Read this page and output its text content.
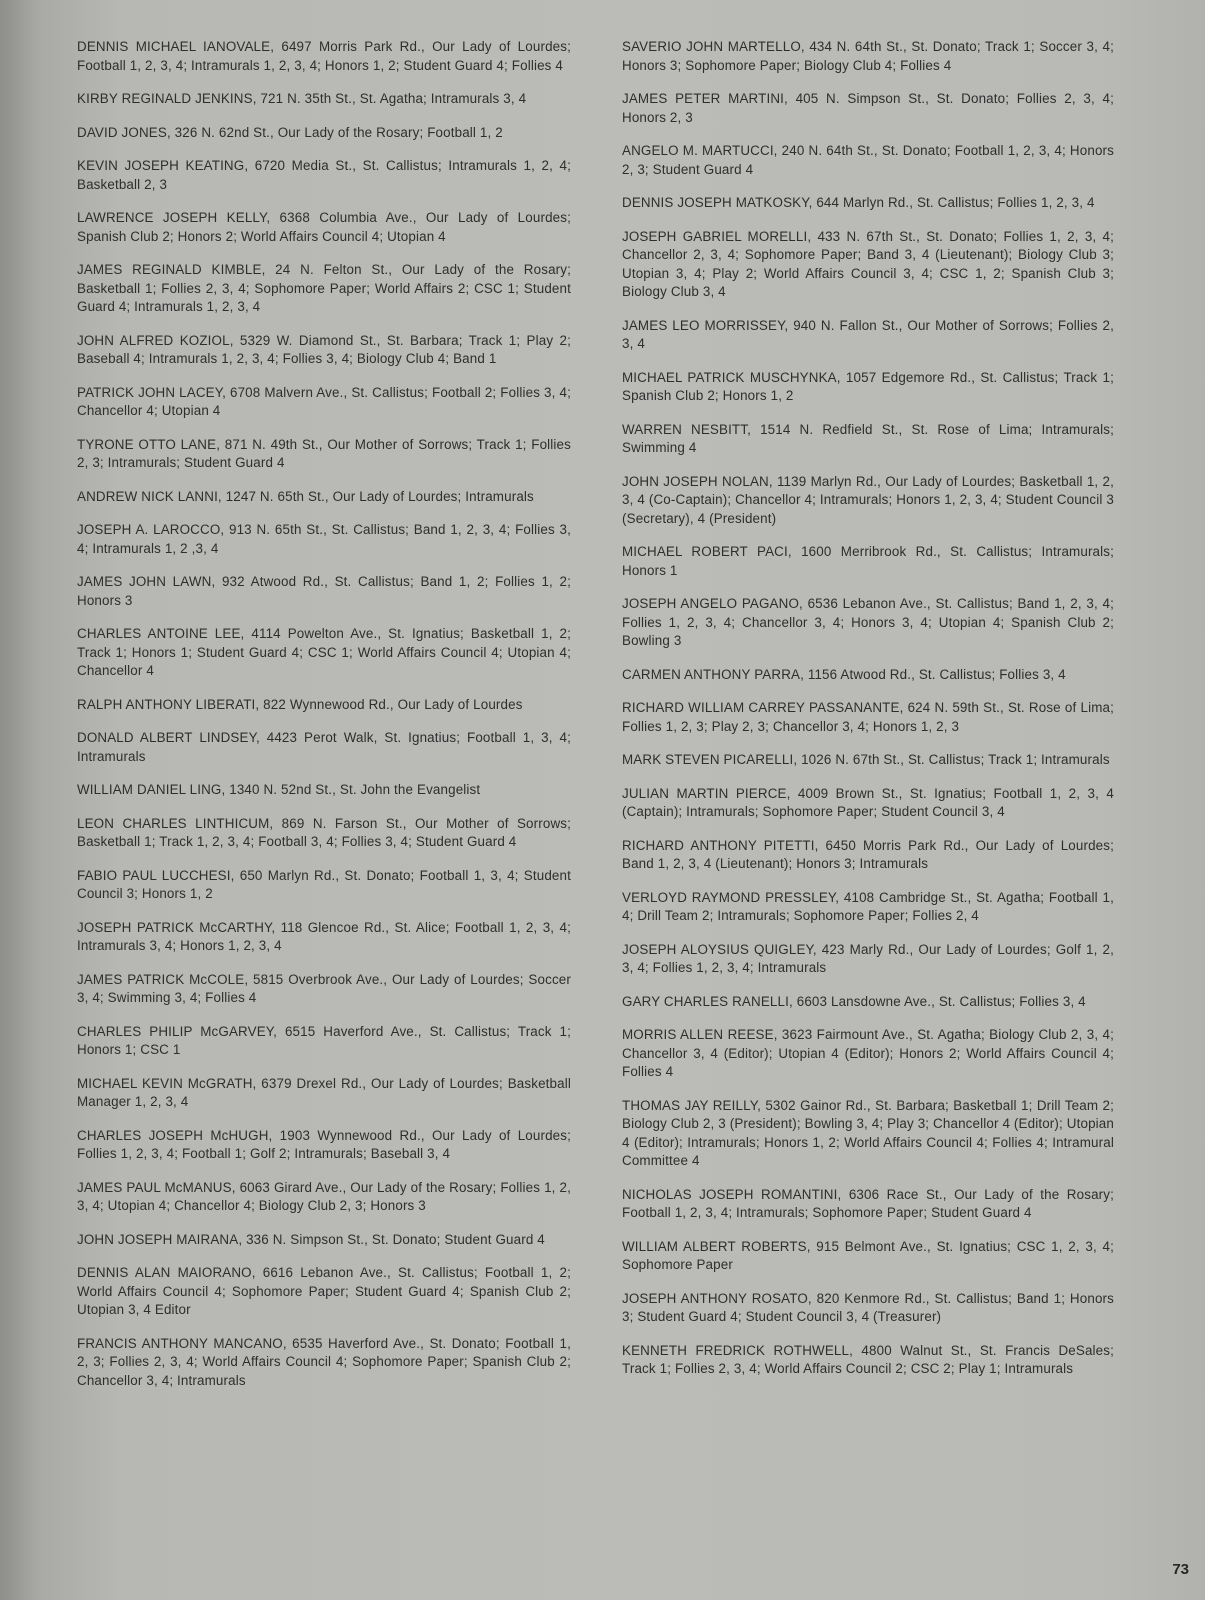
DENNIS MICHAEL IANOVALE, 6497 Morris Park Rd., Our Lady of Lourdes; Football 1, 2, 3, 4; Intramurals 1, 2, 3, 4; Honors 1, 2; Student Guard 4; Follies 4

KIRBY REGINALD JENKINS, 721 N. 35th St., St. Agatha; Intramurals 3, 4

DAVID JONES, 326 N. 62nd St., Our Lady of the Rosary; Football 1, 2

KEVIN JOSEPH KEATING, 6720 Media St., St. Callistus; Intramurals 1, 2, 4; Basketball 2, 3

LAWRENCE JOSEPH KELLY, 6368 Columbia Ave., Our Lady of Lourdes; Spanish Club 2; Honors 2; World Affairs Council 4; Utopian 4

JAMES REGINALD KIMBLE, 24 N. Felton St., Our Lady of the Rosary; Basketball 1; Follies 2, 3, 4; Sophomore Paper; World Affairs 2; CSC 1; Student Guard 4; Intramurals 1, 2, 3, 4

JOHN ALFRED KOZIOL, 5329 W. Diamond St., St. Barbara; Track 1; Play 2; Baseball 4; Intramurals 1, 2, 3, 4; Follies 3, 4; Biology Club 4; Band 1

PATRICK JOHN LACEY, 6708 Malvern Ave., St. Callistus; Football 2; Follies 3, 4; Chancellor 4; Utopian 4

TYRONE OTTO LANE, 871 N. 49th St., Our Mother of Sorrows; Track 1; Follies 2, 3; Intramurals; Student Guard 4

ANDREW NICK LANNI, 1247 N. 65th St., Our Lady of Lourdes; Intramurals

JOSEPH A. LAROCCO, 913 N. 65th St., St. Callistus; Band 1, 2, 3, 4; Follies 3, 4; Intramurals 1, 2 ,3, 4

JAMES JOHN LAWN, 932 Atwood Rd., St. Callistus; Band 1, 2; Follies 1, 2; Honors 3

CHARLES ANTOINE LEE, 4114 Powelton Ave., St. Ignatius; Basketball 1, 2; Track 1; Honors 1; Student Guard 4; CSC 1; World Affairs Council 4; Utopian 4; Chancellor 4

RALPH ANTHONY LIBERATI, 822 Wynnewood Rd., Our Lady of Lourdes

DONALD ALBERT LINDSEY, 4423 Perot Walk, St. Ignatius; Football 1, 3, 4; Intramurals

WILLIAM DANIEL LING, 1340 N. 52nd St., St. John the Evangelist

LEON CHARLES LINTHICUM, 869 N. Farson St., Our Mother of Sorrows; Basketball 1; Track 1, 2, 3, 4; Football 3, 4; Follies 3, 4; Student Guard 4

FABIO PAUL LUCCHESI, 650 Marlyn Rd., St. Donato; Football 1, 3, 4; Student Council 3; Honors 1, 2

JOSEPH PATRICK McCARTHY, 118 Glencoe Rd., St. Alice; Football 1, 2, 3, 4; Intramurals 3, 4; Honors 1, 2, 3, 4

JAMES PATRICK McCOLE, 5815 Overbrook Ave., Our Lady of Lourdes; Soccer 3, 4; Swimming 3, 4; Follies 4

CHARLES PHILIP McGARVEY, 6515 Haverford Ave., St. Callistus; Track 1; Honors 1; CSC 1

MICHAEL KEVIN McGRATH, 6379 Drexel Rd., Our Lady of Lourdes; Basketball Manager 1, 2, 3, 4

CHARLES JOSEPH McHUGH, 1903 Wynnewood Rd., Our Lady of Lourdes; Follies 1, 2, 3, 4; Football 1; Golf 2; Intramurals; Baseball 3, 4

JAMES PAUL McMANUS, 6063 Girard Ave., Our Lady of the Rosary; Follies 1, 2, 3, 4; Utopian 4; Chancellor 4; Biology Club 2, 3; Honors 3

JOHN JOSEPH MAIRANA, 336 N. Simpson St., St. Donato; Student Guard 4

DENNIS ALAN MAIORANO, 6616 Lebanon Ave., St. Callistus; Football 1, 2; World Affairs Council 4; Sophomore Paper; Student Guard 4; Spanish Club 2; Utopian 3, 4 Editor

FRANCIS ANTHONY MANCANO, 6535 Haverford Ave., St. Donato; Football 1, 2, 3; Follies 2, 3, 4; World Affairs Council 4; Sophomore Paper; Spanish Club 2; Chancellor 3, 4; Intramurals

SAVERIO JOHN MARTELLO, 434 N. 64th St., St. Donato; Track 1; Soccer 3, 4; Honors 3; Sophomore Paper; Biology Club 4; Follies 4

JAMES PETER MARTINI, 405 N. Simpson St., St. Donato; Follies 2, 3, 4; Honors 2, 3

ANGELO M. MARTUCCI, 240 N. 64th St., St. Donato; Football 1, 2, 3, 4; Honors 2, 3; Student Guard 4

DENNIS JOSEPH MATKOSKY, 644 Marlyn Rd., St. Callistus; Follies 1, 2, 3, 4

JOSEPH GABRIEL MORELLI, 433 N. 67th St., St. Donato; Follies 1, 2, 3, 4; Chancellor 2, 3, 4; Sophomore Paper; Band 3, 4 (Lieutenant); Biology Club 3; Utopian 3, 4; Play 2; World Affairs Council 3, 4; CSC 1, 2; Spanish Club 3; Biology Club 3, 4

JAMES LEO MORRISSEY, 940 N. Fallon St., Our Mother of Sorrows; Follies 2, 3, 4

MICHAEL PATRICK MUSCHYNKA, 1057 Edgemore Rd., St. Callistus; Track 1; Spanish Club 2; Honors 1, 2

WARREN NESBITT, 1514 N. Redfield St., St. Rose of Lima; Intramurals; Swimming 4

JOHN JOSEPH NOLAN, 1139 Marlyn Rd., Our Lady of Lourdes; Basketball 1, 2, 3, 4 (Co-Captain); Chancellor 4; Intramurals; Honors 1, 2, 3, 4; Student Council 3 (Secretary), 4 (President)

MICHAEL ROBERT PACI, 1600 Merribrook Rd., St. Callistus; Intramurals; Honors 1

JOSEPH ANGELO PAGANO, 6536 Lebanon Ave., St. Callistus; Band 1, 2, 3, 4; Follies 1, 2, 3, 4; Chancellor 3, 4; Honors 3, 4; Utopian 4; Spanish Club 2; Bowling 3

CARMEN ANTHONY PARRA, 1156 Atwood Rd., St. Callistus; Follies 3, 4

RICHARD WILLIAM CARREY PASSANANTE, 624 N. 59th St., St. Rose of Lima; Follies 1, 2, 3; Play 2, 3; Chancellor 3, 4; Honors 1, 2, 3

MARK STEVEN PICARELLI, 1026 N. 67th St., St. Callistus; Track 1; Intramurals

JULIAN MARTIN PIERCE, 4009 Brown St., St. Ignatius; Football 1, 2, 3, 4 (Captain); Intramurals; Sophomore Paper; Student Council 3, 4

RICHARD ANTHONY PITETTI, 6450 Morris Park Rd., Our Lady of Lourdes; Band 1, 2, 3, 4 (Lieutenant); Honors 3; Intramurals

VERLOYD RAYMOND PRESSLEY, 4108 Cambridge St., St. Agatha; Football 1, 4; Drill Team 2; Intramurals; Sophomore Paper; Follies 2, 4

JOSEPH ALOYSIUS QUIGLEY, 423 Marly Rd., Our Lady of Lourdes; Golf 1, 2, 3, 4; Follies 1, 2, 3, 4; Intramurals

GARY CHARLES RANELLI, 6603 Lansdowne Ave., St. Callistus; Follies 3, 4

MORRIS ALLEN REESE, 3623 Fairmount Ave., St. Agatha; Biology Club 2, 3, 4; Chancellor 3, 4 (Editor); Utopian 4 (Editor); Honors 2; World Affairs Council 4; Follies 4

THOMAS JAY REILLY, 5302 Gainor Rd., St. Barbara; Basketball 1; Drill Team 2; Biology Club 2, 3 (President); Bowling 3, 4; Play 3; Chancellor 4 (Editor); Utopian 4 (Editor); Intramurals; Honors 1, 2; World Affairs Council 4; Follies 4; Intramural Committee 4

NICHOLAS JOSEPH ROMANTINI, 6306 Race St., Our Lady of the Rosary; Football 1, 2, 3, 4; Intramurals; Sophomore Paper; Student Guard 4

WILLIAM ALBERT ROBERTS, 915 Belmont Ave., St. Ignatius; CSC 1, 2, 3, 4; Sophomore Paper

JOSEPH ANTHONY ROSATO, 820 Kenmore Rd., St. Callistus; Band 1; Honors 3; Student Guard 4; Student Council 3, 4 (Treasurer)

KENNETH FREDRICK ROTHWELL, 4800 Walnut St., St. Francis DeSales; Track 1; Follies 2, 3, 4; World Affairs Council 2; CSC 2; Play 1; Intramurals

73
